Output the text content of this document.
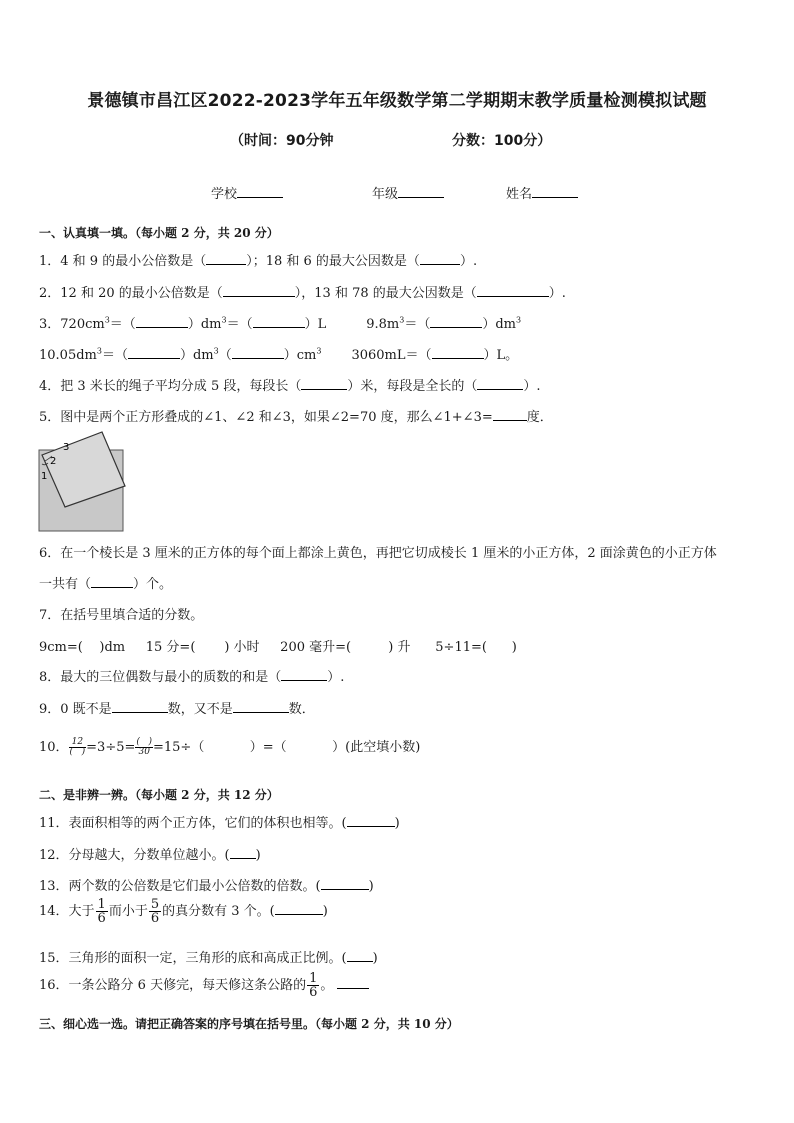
景德镇市昌江区2022-2023学年五年级数学第二学期期末教学质量检测模拟试题
（时间：90分钟	分数：100分）
学校	年级	姓名
一、认真填一填。（每小题 2 分，共 20 分）
1．4 和 9 的最小公倍数是（	）；18 和 6 的最大公因数是（	）.
2．12 和 20 的最小公倍数是（	），13 和 78 的最大公因数是（	）.
3．$720cm^3=$（	）$dm^3=$（	）L	$9.8m^3=$（	）$dm^3$
$10.05dm^3=$（	）$dm^3$（	）$cm^3$ 3060mL＝（	）L。
4．把 3 米长的绳子平均分成 5 段，每段长（	）米，每段是全长的（	）.
5．图中是两个正方形叠成的∠1、∠2 和∠3，如果∠2=70 度，那么∠1+∠3=	度．
3
2
1
6．在一个棱长是 3 厘米的正方体的每个面上都涂上黄色，再把它切成棱长 1 厘米的小正方体，2 面涂黄色的小正方体
一共有（	）个。
7．在括号里填合适的分数。
9cm=(    )dm     15 分=(       ) 小时     200 毫升=(         ) 升      5÷11=(      )
8．最大的三位偶数与最小的质数的和是（	）.
9．0 既不是	数，又不是	数．
10． 12
(   ) =3÷5= (   )
30 =15÷（           ）=（           ）(此空填小数)
二、是非辨一辨。（每小题 2 分，共 12 分）
11．表面积相等的两个正方体，它们的体积也相等。(	)
12．分母越大，分数单位越小。( )
13．两个数的公倍数是它们最小公倍数的倍数。(	)
14．大于 $\frac{1}{6}$ 而小于 $\frac{5}{6}$ 的真分数有 3 个。(	)
15．三角形的面积一定，三角形的底和高成正比例。( )
16．一条公路分 6 天修完，每天修这条公路的 $\frac{1}{6}$ 。
三、细心选一选。请把正确答案的序号填在括号里。（每小题 2 分，共 10 分）
